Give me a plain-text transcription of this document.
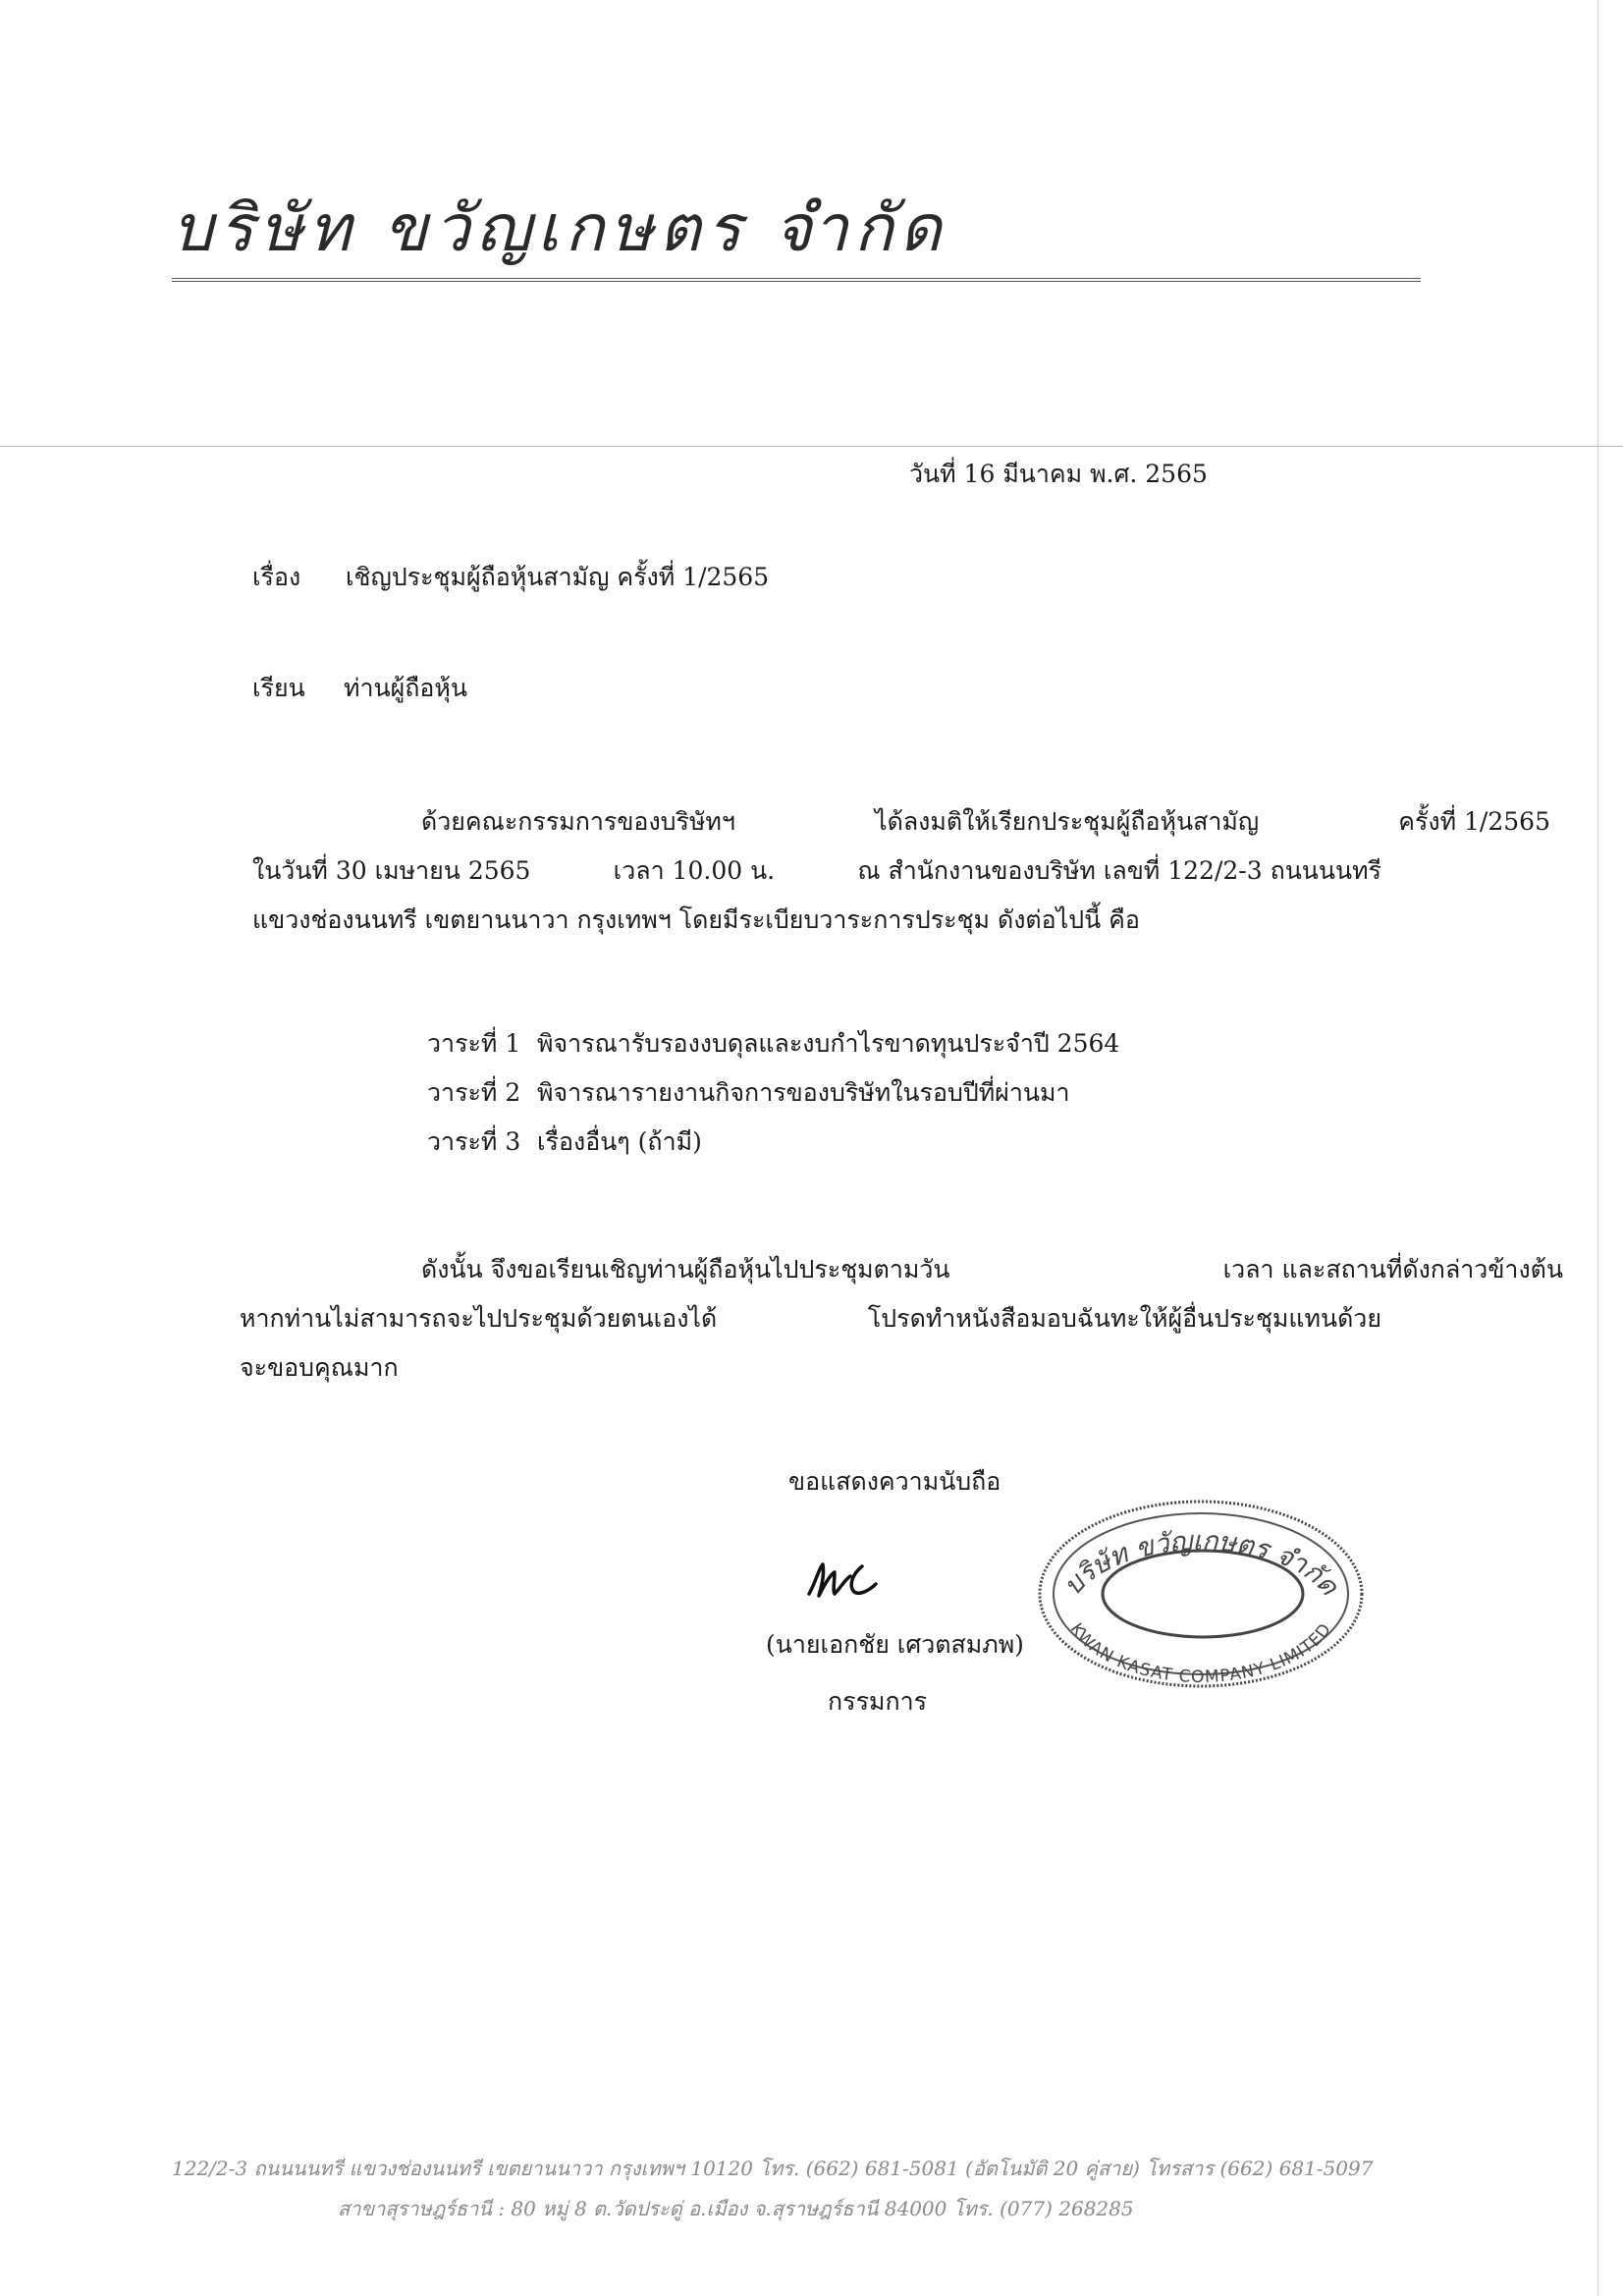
บริษัท ขวัญเกษตร จำกัด
วันที่ 16 มีนาคม พ.ศ. 2565
เรื่อง เชิญประชุมผู้ถือหุ้นสามัญ ครั้งที่ 1/2565
เรียน ท่านผู้ถือหุ้น
ด้วยคณะกรรมการของบริษัทฯ	ได้ลงมติให้เรียกประชุมผู้ถือหุ้นสามัญ	ครั้งที่ 1/2565
ในวันที่ 30 เมษายน 2565	เวลา 10.00 น.	ณ สำนักงานของบริษัท เลขที่ 122/2-3 ถนนนนทรี
แขวงช่องนนทรี เขตยานนาวา กรุงเทพฯ โดยมีระเบียบวาระการประชุม ดังต่อไปนี้ คือ
วาระที่ 1 พิจารณารับรองงบดุลและงบกำไรขาดทุนประจำปี 2564
วาระที่ 2 พิจารณารายงานกิจการของบริษัทในรอบปีที่ผ่านมา
วาระที่ 3 เรื่องอื่นๆ (ถ้ามี)
ดังนั้น จึงขอเรียนเชิญท่านผู้ถือหุ้นไปประชุมตามวัน	เวลา และสถานที่ดังกล่าวข้างต้น
หากท่านไม่สามารถจะไปประชุมด้วยตนเองได้	โปรดทำหนังสือมอบฉันทะให้ผู้อื่นประชุมแทนด้วย
จะขอบคุณมาก
ขอแสดงความนับถือ
(นายเอกชัย เศวตสมภพ)
กรรมการ
บริษัท ขวัญเกษตร จำกัด
KWAN KASAT COMPANY LIMITED
122/2-3 ถนนนนทรี แขวงช่องนนทรี เขตยานนาวา กรุงเทพฯ 10120 โทร. (662) 681-5081 (อัตโนมัติ 20 คู่สาย) โทรสาร (662) 681-5097
สาขาสุราษฎร์ธานี : 80 หมู่ 8 ต.วัดประดู่ อ.เมือง จ.สุราษฎร์ธานี 84000 โทร. (077) 268285
